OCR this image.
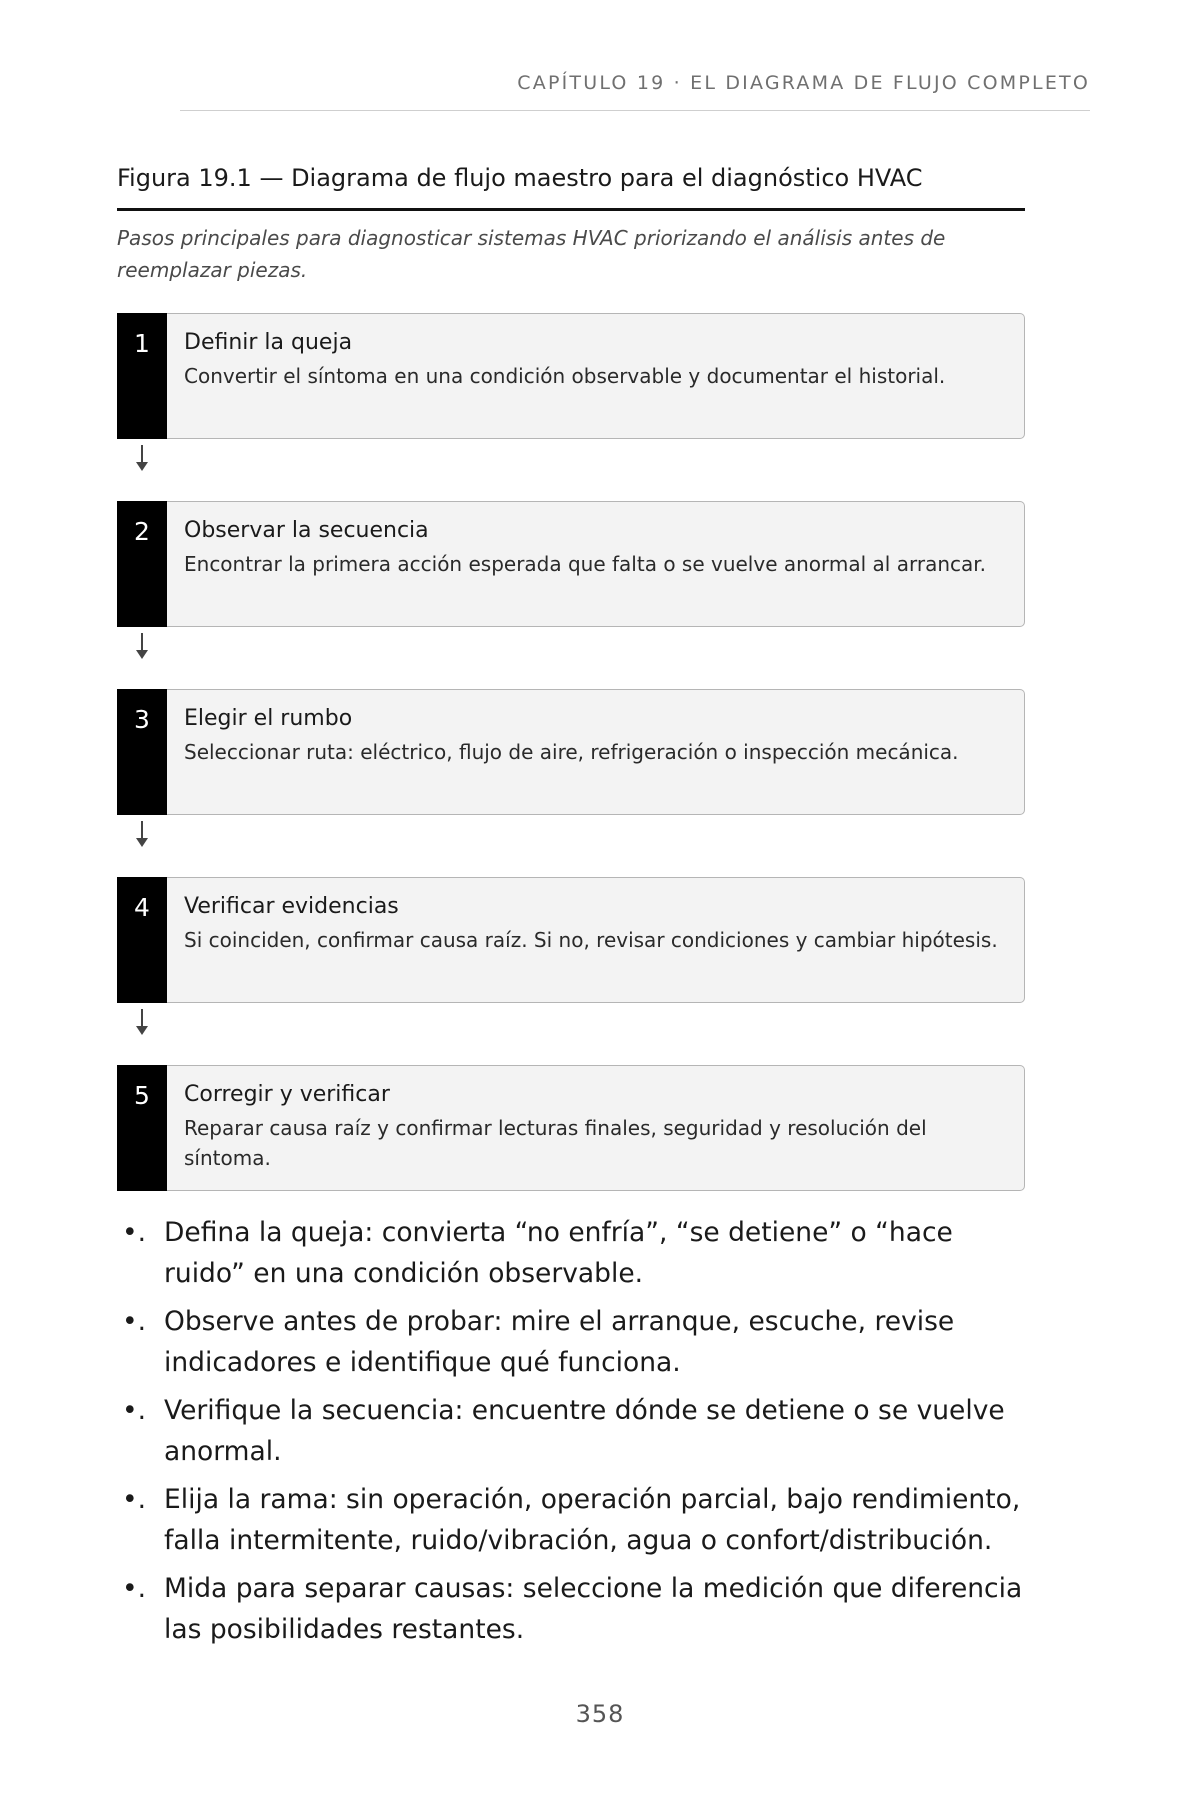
CAPÍTULO 19 · EL DIAGRAMA DE FLUJO COMPLETO
Figura 19.1 — Diagrama de flujo maestro para el diagnóstico HVAC
Pasos principales para diagnosticar sistemas HVAC priorizando el análisis antes de reemplazar piezas.
1	Definir la queja
Convertir el síntoma en una condición observable y documentar el historial.
2	Observar la secuencia
Encontrar la primera acción esperada que falta o se vuelve anormal al arrancar.
3	Elegir el rumbo
Seleccionar ruta: eléctrico, flujo de aire, refrigeración o inspección mecánica.
4	Verificar evidencias
Si coinciden, confirmar causa raíz. Si no, revisar condiciones y cambiar hipótesis.
5	Corregir y verificar
Reparar causa raíz y confirmar lecturas finales, seguridad y resolución del síntoma.
•. Defina la queja: convierta “no enfría”, “se detiene” o “hace ruido” en una condición observable.
•. Observe antes de probar: mire el arranque, escuche, revise indicadores e identifique qué funciona.
•. Verifique la secuencia: encuentre dónde se detiene o se vuelve anormal.
•. Elija la rama: sin operación, operación parcial, bajo rendimiento, falla intermitente, ruido/vibración, agua o confort/distribución.
•. Mida para separar causas: seleccione la medición que diferencia las posibilidades restantes.
358
